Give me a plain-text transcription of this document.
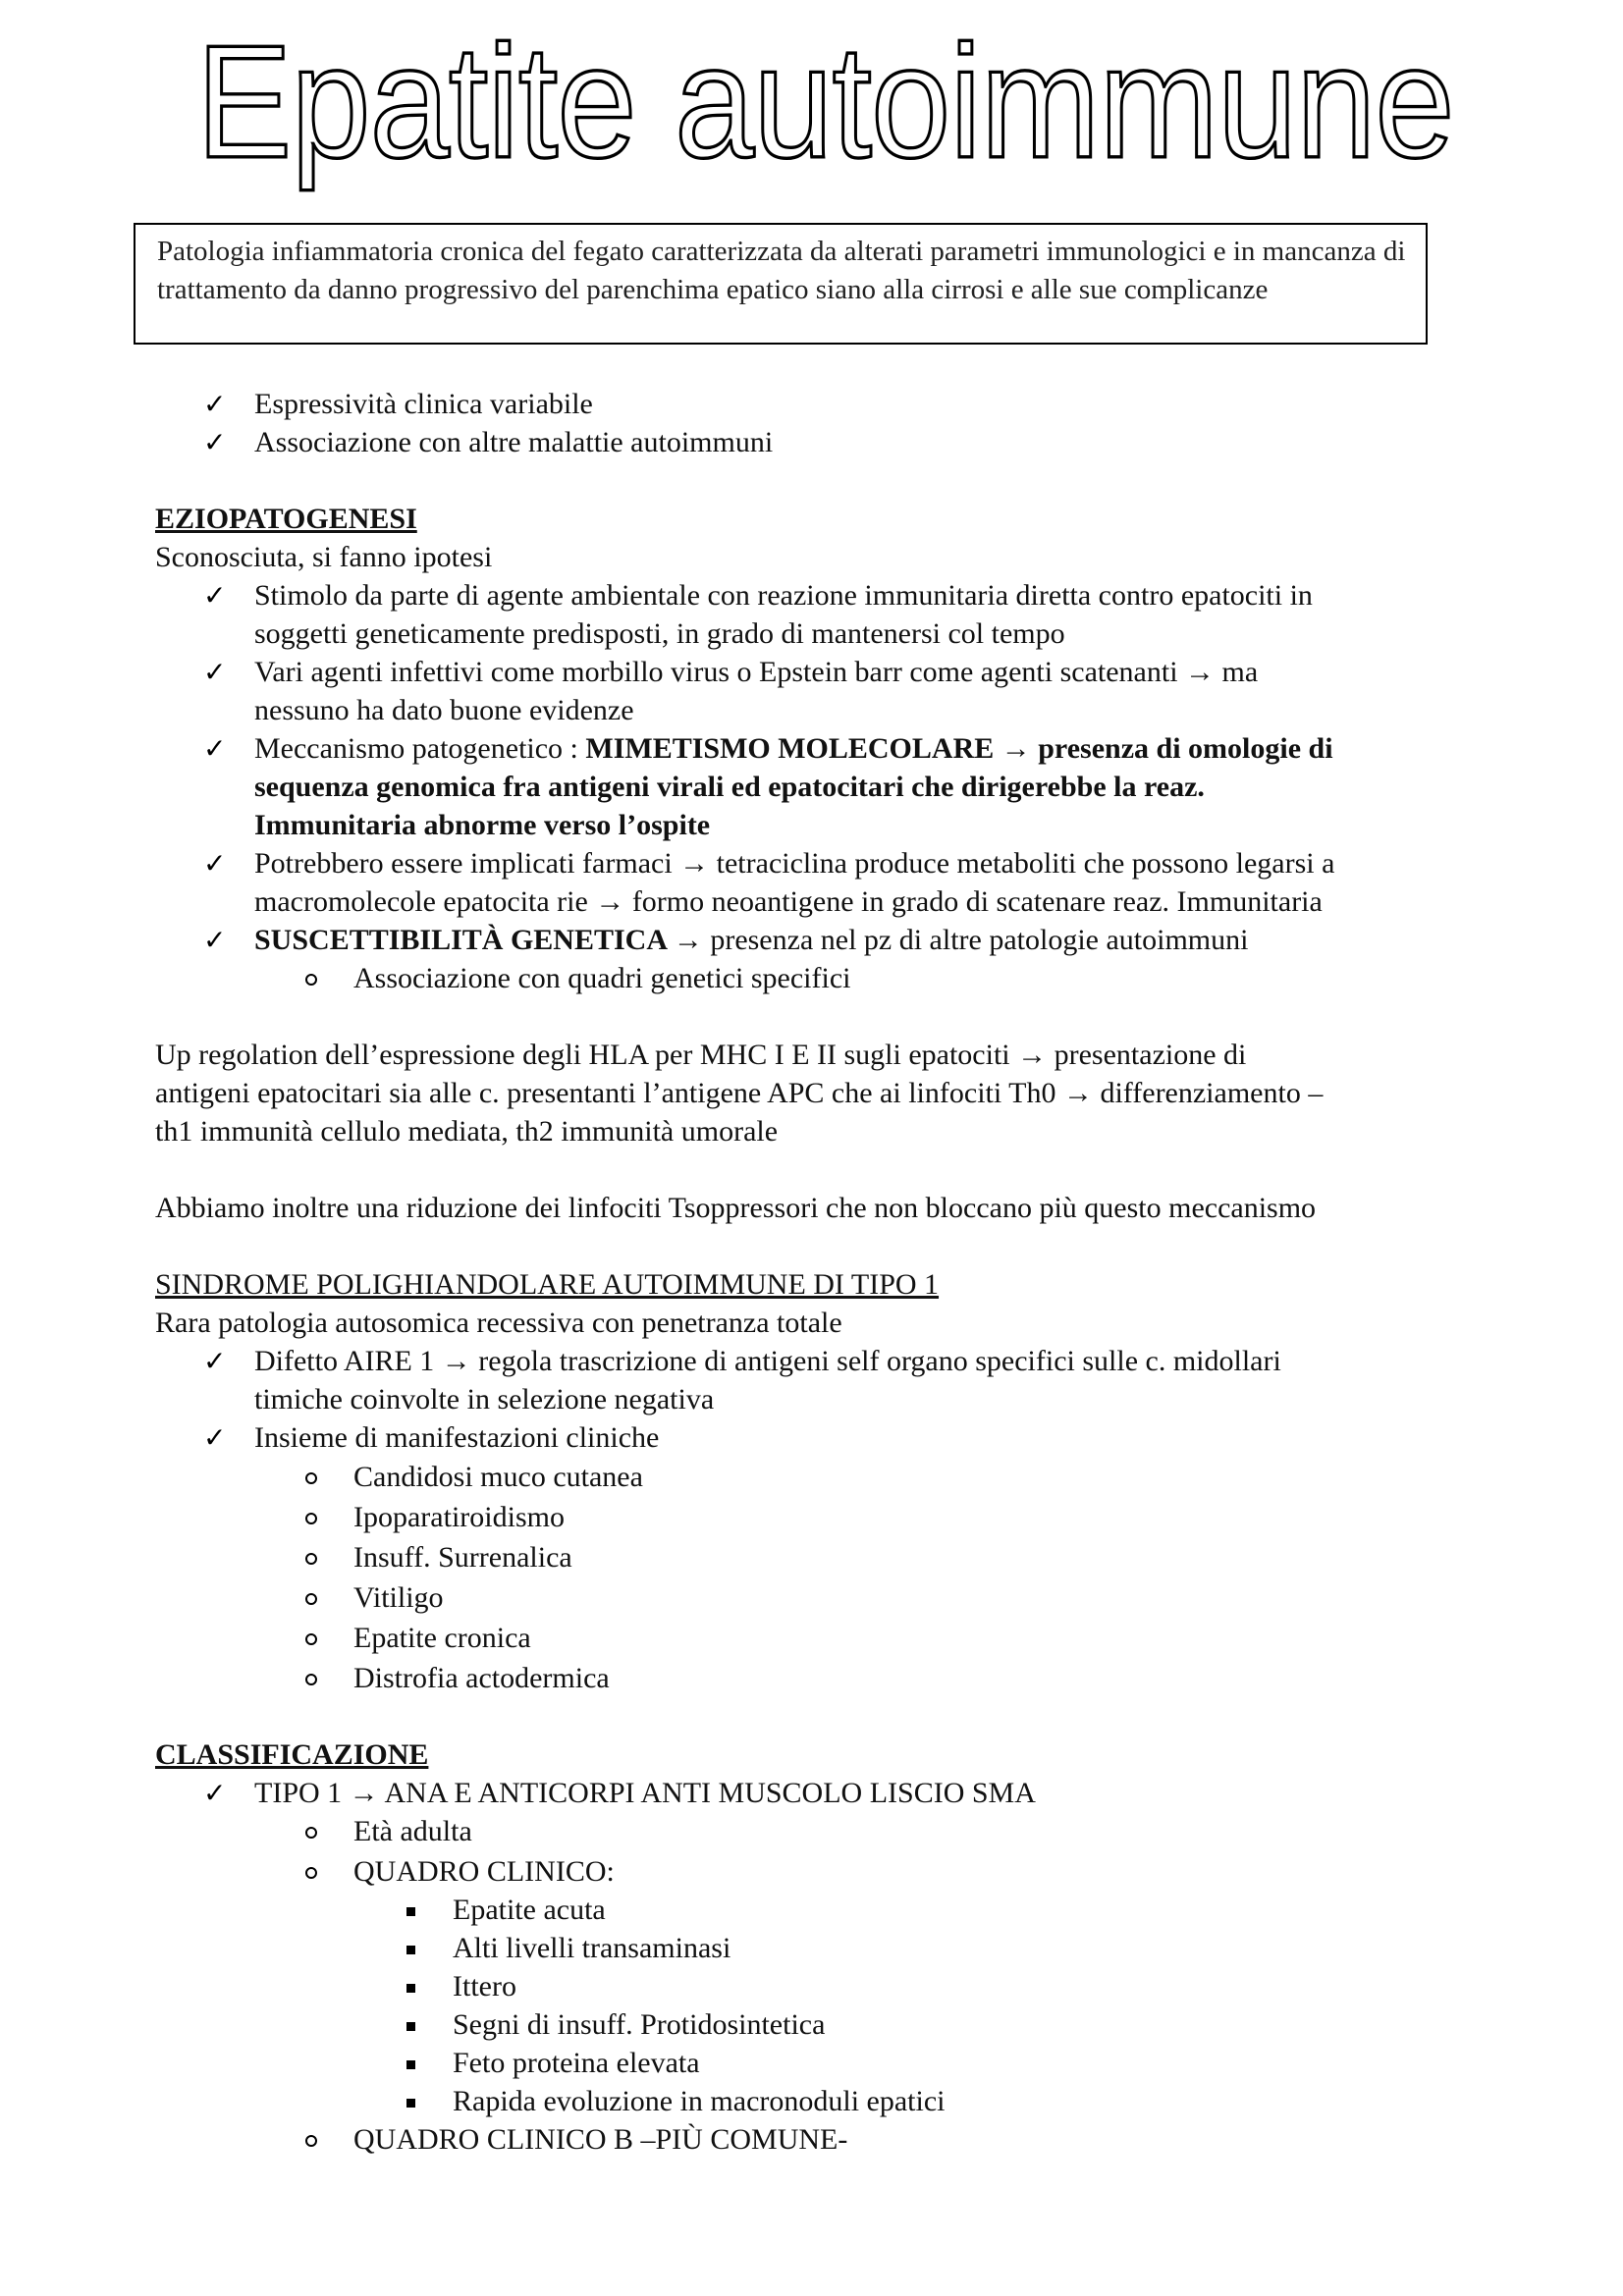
Epatite autoimmune
Patologia infiammatoria cronica del fegato caratterizzata da alterati parametri immunologici e in mancanza di trattamento da danno progressivo del parenchima epatico siano alla cirrosi e alle sue complicanze
✓ Espressività clinica variabile
✓ Associazione con altre malattie autoimmuni
EZIOPATOGENESI
Sconosciuta, si fanno ipotesi
✓ Stimolo da parte di agente ambientale con reazione immunitaria diretta contro epatociti in
soggetti geneticamente predisposti, in grado di mantenersi col tempo
✓ Vari agenti infettivi come morbillo virus o Epstein barr come agenti scatenanti → ma
nessuno ha dato buone evidenze
✓ Meccanismo patogenetico : MIMETISMO MOLECOLARE → presenza di omologie di
sequenza genomica fra antigeni virali ed epatocitari che dirigerebbe la reaz.
Immunitaria abnorme verso l’ospite
✓ Potrebbero essere implicati farmaci → tetraciclina produce metaboliti che possono legarsi a
macromolecole epatocita rie → formo neoantigene in grado di scatenare reaz. Immunitaria
✓ SUSCETTIBILITÀ GENETICA → presenza nel pz di altre patologie autoimmuni
Associazione con quadri genetici specifici
Up regolation dell’espressione degli HLA per MHC I E II sugli epatociti → presentazione di
antigeni epatocitari sia alle c. presentanti l’antigene APC che ai linfociti Th0 → differenziamento –
th1 immunità cellulo mediata, th2 immunità umorale
Abbiamo inoltre una riduzione dei linfociti Tsoppressori che non bloccano più questo meccanismo
SINDROME POLIGHIANDOLARE AUTOIMMUNE DI TIPO 1
Rara patologia autosomica recessiva con penetranza totale
✓ Difetto AIRE 1 → regola trascrizione di antigeni self organo specifici sulle c. midollari
timiche coinvolte in selezione negativa
✓ Insieme di manifestazioni cliniche
Candidosi muco cutanea
Ipoparatiroidismo
Insuff. Surrenalica
Vitiligo
Epatite cronica
Distrofia actodermica
CLASSIFICAZIONE
✓ TIPO 1 → ANA E ANTICORPI ANTI MUSCOLO LISCIO SMA
Età adulta
QUADRO CLINICO:
Epatite acuta
Alti livelli transaminasi
Ittero
Segni di insuff. Protidosintetica
Feto proteina elevata
Rapida evoluzione in macronoduli epatici
QUADRO CLINICO B –PIÙ COMUNE-
